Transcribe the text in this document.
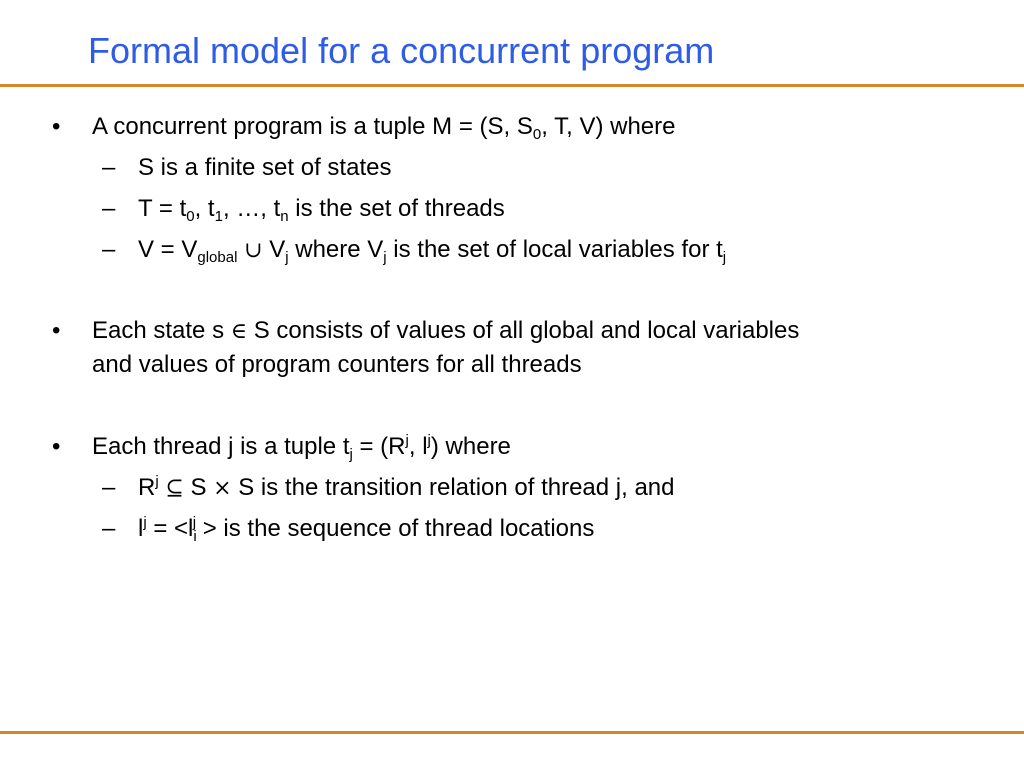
Formal model for a concurrent program
• A concurrent program is a tuple M = (S, $S_0$, T, V) where
– S is a finite set of states
– $T = t_0$, $t_1$, …, $t_n$ is the set of threads
– $V = V_{global}$ ∪ $V_j$ where $V_j$ is the set of local variables for $t_j$
• Each state s ∈ S consists of values of all global and local variables
and values of program counters for all threads
• Each thread j is a tuple $t_j = (R^j$, $l^j$) where
– $R^j$ ⊆ S × S is the transition relation of thread j, and
– $l^j = <l_i^j$ > is the sequence of thread locations
